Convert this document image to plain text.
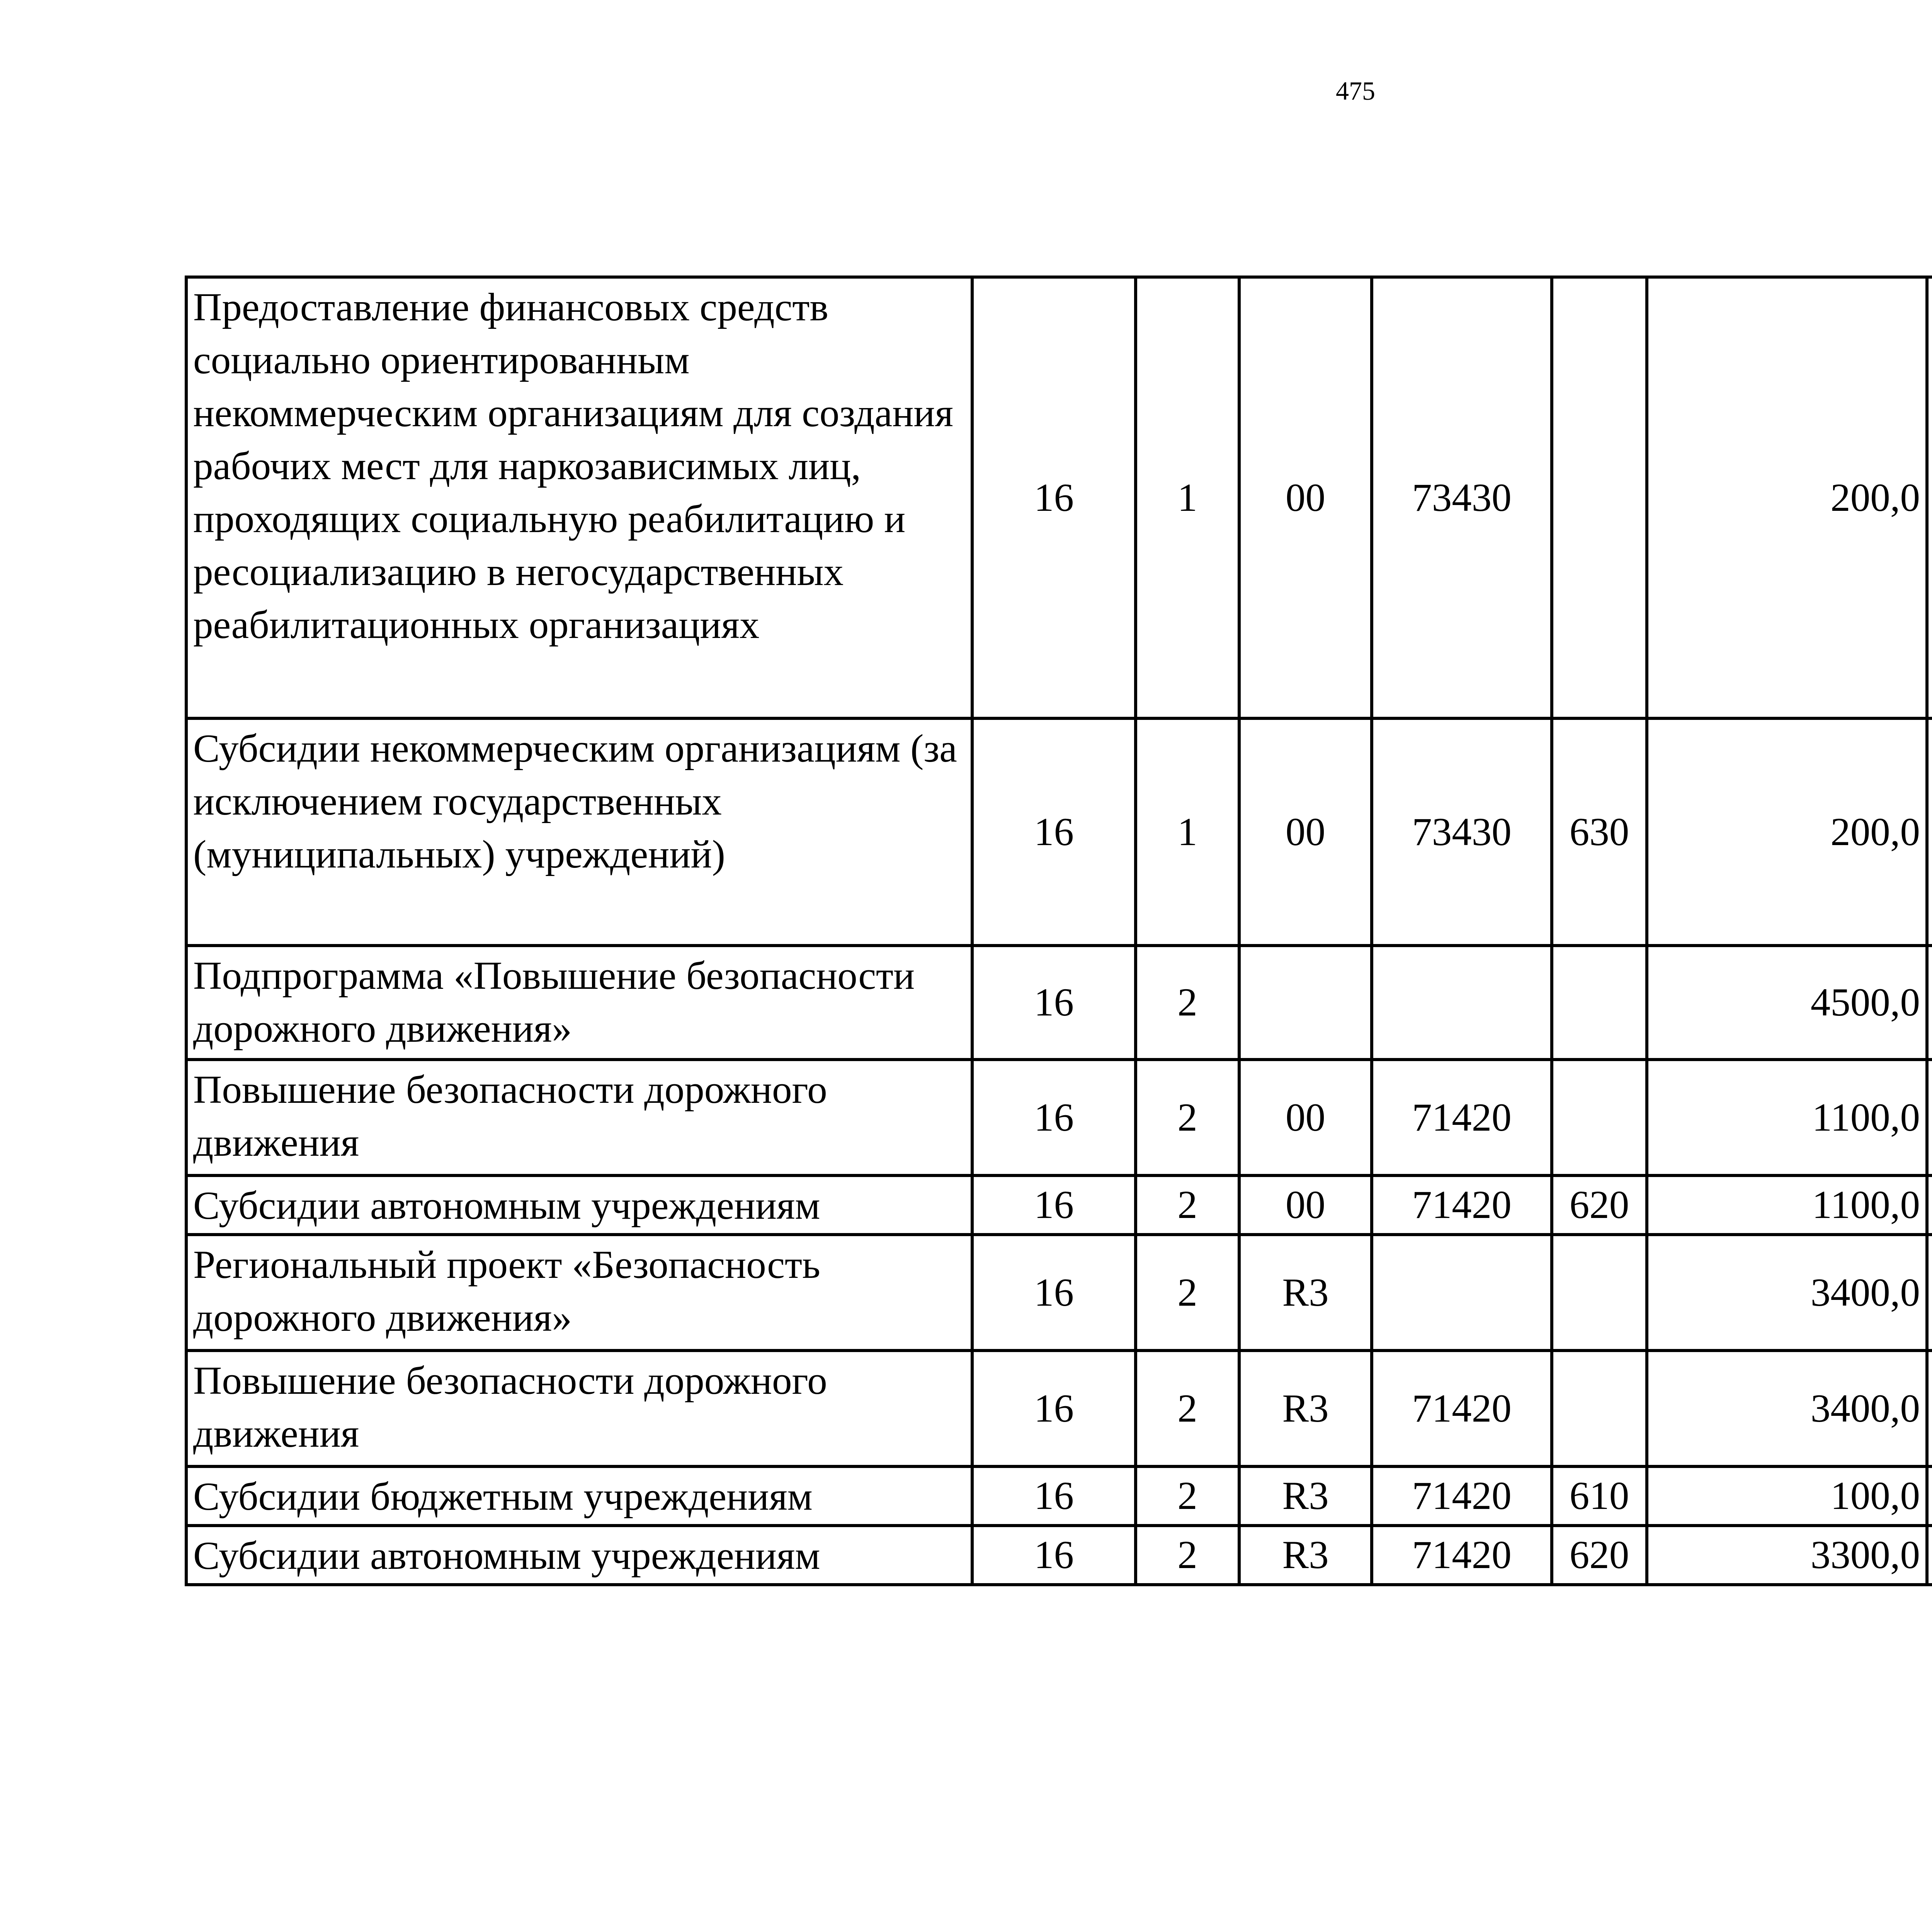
475
Предоставление финансовых средств социально ориентированным некоммерческим организациям для создания рабочих мест для наркозависимых лиц, проходящих социальную реабилитацию и ресоциализацию в негосударственных реабилитационных организациях	16	1	00	73430		200,0		
Субсидии некоммерческим организациям (за исключением государственных (муниципальных) учреждений)	16	1	00	73430	630	200,0		
Подпрограмма «Повышение безопасности дорожного движения»	16	2				4500,0		
Повышение безопасности дорожного движения	16	2	00	71420		1100,0		
Субсидии автономным учреждениям	16	2	00	71420	620	1100,0		
Региональный проект «Безопасность дорожного движения»	16	2	R3			3400,0		
Повышение безопасности дорожного движения	16	2	R3	71420		3400,0		
Субсидии бюджетным учреждениям	16	2	R3	71420	610	100,0		
Субсидии автономным учреждениям	16	2	R3	71420	620	3300,0		
